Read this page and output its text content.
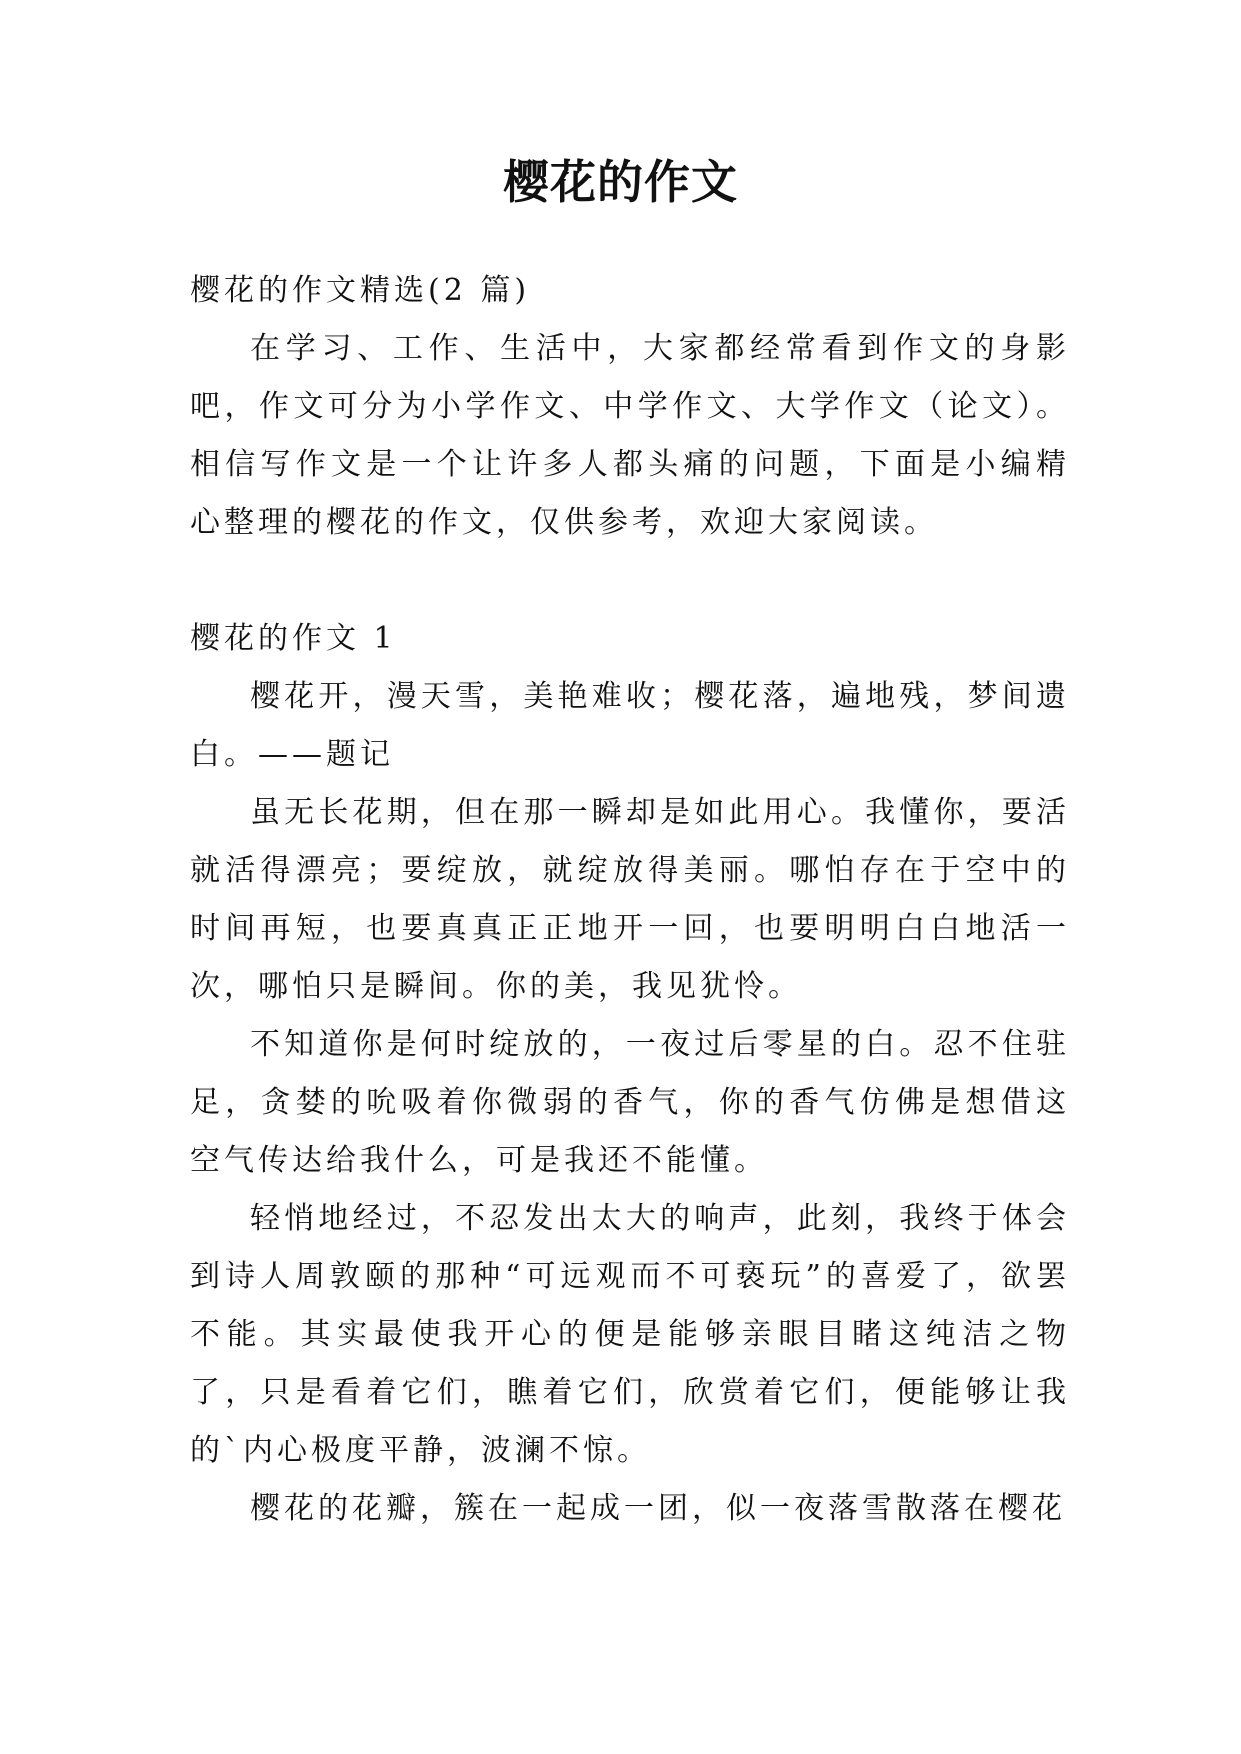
樱花的作文

樱花的作文精选(2 篇)

在学习、工作、生活中，大家都经常看到作文的身影吧，作文可分为小学作文、中学作文、大学作文（论文）。相信写作文是一个让许多人都头痛的问题，下面是小编精心整理的樱花的作文，仅供参考，欢迎大家阅读。

樱花的作文 1

樱花开，漫天雪，美艳难收；樱花落，遍地残，梦间遗白。——题记

虽无长花期，但在那一瞬却是如此用心。我懂你，要活就活得漂亮；要绽放，就绽放得美丽。哪怕存在于空中的时间再短，也要真真正正地开一回，也要明明白白地活一次，哪怕只是瞬间。你的美，我见犹怜。

不知道你是何时绽放的，一夜过后零星的白。忍不住驻足，贪婪的吮吸着你微弱的香气，你的香气仿佛是想借这空气传达给我什么，可是我还不能懂。

轻悄地经过，不忍发出太大的响声，此刻，我终于体会到诗人周敦颐的那种“可远观而不可亵玩”的喜爱了，欲罢不能。其实最使我开心的便是能够亲眼目睹这纯洁之物了，只是看着它们，瞧着它们，欣赏着它们，便能够让我的`内心极度平静，波澜不惊。

樱花的花瓣，簇在一起成一团，似一夜落雪散落在樱花
